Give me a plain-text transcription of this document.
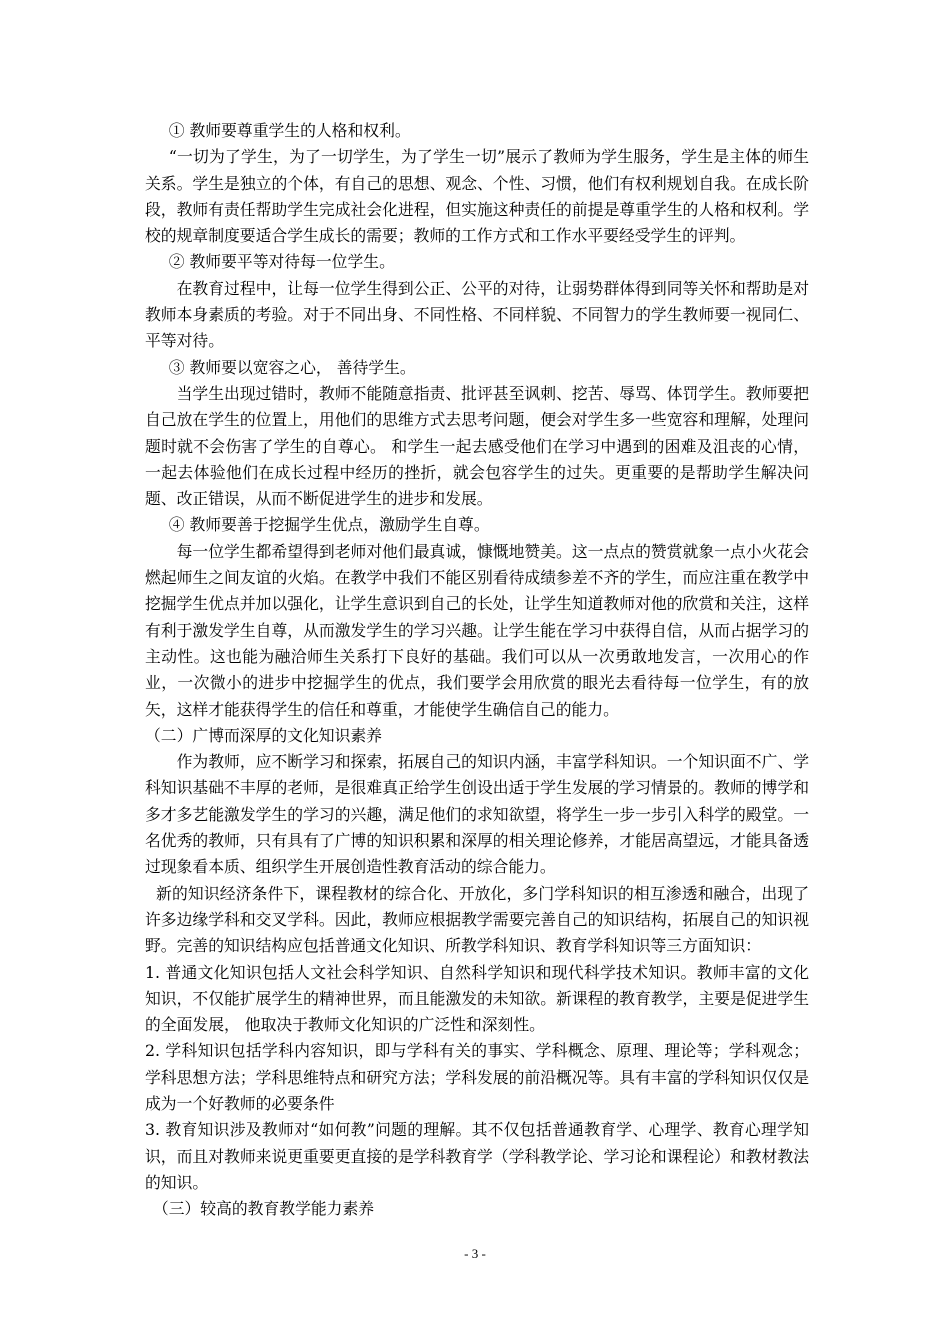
① 教师要尊重学生的人格和权利。

“一切为了学生，为了一切学生，为了学生一切”展示了教师为学生服务，学生是主体的师生关系。学生是独立的个体，有自己的思想、观念、个性、习惯，他们有权利规划自我。在成长阶段，教师有责任帮助学生完成社会化进程，但实施这种责任的前提是尊重学生的人格和权利。学校的规章制度要适合学生成长的需要；教师的工作方式和工作水平要经受学生的评判。

② 教师要平等对待每一位学生。

在教育过程中，让每一位学生得到公正、公平的对待，让弱势群体得到同等关怀和帮助是对教师本身素质的考验。对于不同出身、不同性格、不同样貌、不同智力的学生教师要一视同仁、平等对待。

③ 教师要以宽容之心， 善待学生。

当学生出现过错时，教师不能随意指责、批评甚至讽刺、挖苦、辱骂、体罚学生。教师要把自己放在学生的位置上，用他们的思维方式去思考问题，便会对学生多一些宽容和理解，处理问题时就不会伤害了学生的自尊心。 和学生一起去感受他们在学习中遇到的困难及沮丧的心情，一起去体验他们在成长过程中经历的挫折，就会包容学生的过失。更重要的是帮助学生解决问题、改正错误，从而不断促进学生的进步和发展。

④ 教师要善于挖掘学生优点，激励学生自尊。

每一位学生都希望得到老师对他们最真诚，慷慨地赞美。这一点点的赞赏就象一点小火花会燃起师生之间友谊的火焰。在教学中我们不能区别看待成绩参差不齐的学生，而应注重在教学中挖掘学生优点并加以强化，让学生意识到自己的长处，让学生知道教师对他的欣赏和关注，这样有利于激发学生自尊，从而激发学生的学习兴趣。让学生能在学习中获得自信，从而占据学习的主动性。这也能为融洽师生关系打下良好的基础。我们可以从一次勇敢地发言，一次用心的作业，一次微小的进步中挖掘学生的优点，我们要学会用欣赏的眼光去看待每一位学生，有的放矢，这样才能获得学生的信任和尊重，才能使学生确信自己的能力。

（二）广博而深厚的文化知识素养

作为教师，应不断学习和探索，拓展自己的知识内涵，丰富学科知识。一个知识面不广、学科知识基础不丰厚的老师，是很难真正给学生创设出适于学生发展的学习情景的。教师的博学和多才多艺能激发学生的学习的兴趣，满足他们的求知欲望，将学生一步一步引入科学的殿堂。一名优秀的教师，只有具有了广博的知识积累和深厚的相关理论修养，才能居高望远，才能具备透过现象看本质、组织学生开展创造性教育活动的综合能力。

新的知识经济条件下，课程教材的综合化、开放化，多门学科知识的相互渗透和融合，出现了许多边缘学科和交叉学科。因此，教师应根据教学需要完善自己的知识结构，拓展自己的知识视野。完善的知识结构应包括普通文化知识、所教学科知识、教育学科知识等三方面知识：

1. 普通文化知识包括人文社会科学知识、自然科学知识和现代科学技术知识。教师丰富的文化知识，不仅能扩展学生的精神世界，而且能激发的未知欲。新课程的教育教学，主要是促进学生的全面发展， 他取决于教师文化知识的广泛性和深刻性。

2. 学科知识包括学科内容知识，即与学科有关的事实、学科概念、原理、理论等；学科观念；学科思想方法；学科思维特点和研究方法；学科发展的前沿概况等。具有丰富的学科知识仅仅是成为一个好教师的必要条件

3. 教育知识涉及教师对“如何教”问题的理解。其不仅包括普通教育学、心理学、教育心理学知识，而且对教师来说更重要更直接的是学科教育学（学科教学论、学习论和课程论）和教材教法的知识。

（三）较高的教育教学能力素养

- 3 -
